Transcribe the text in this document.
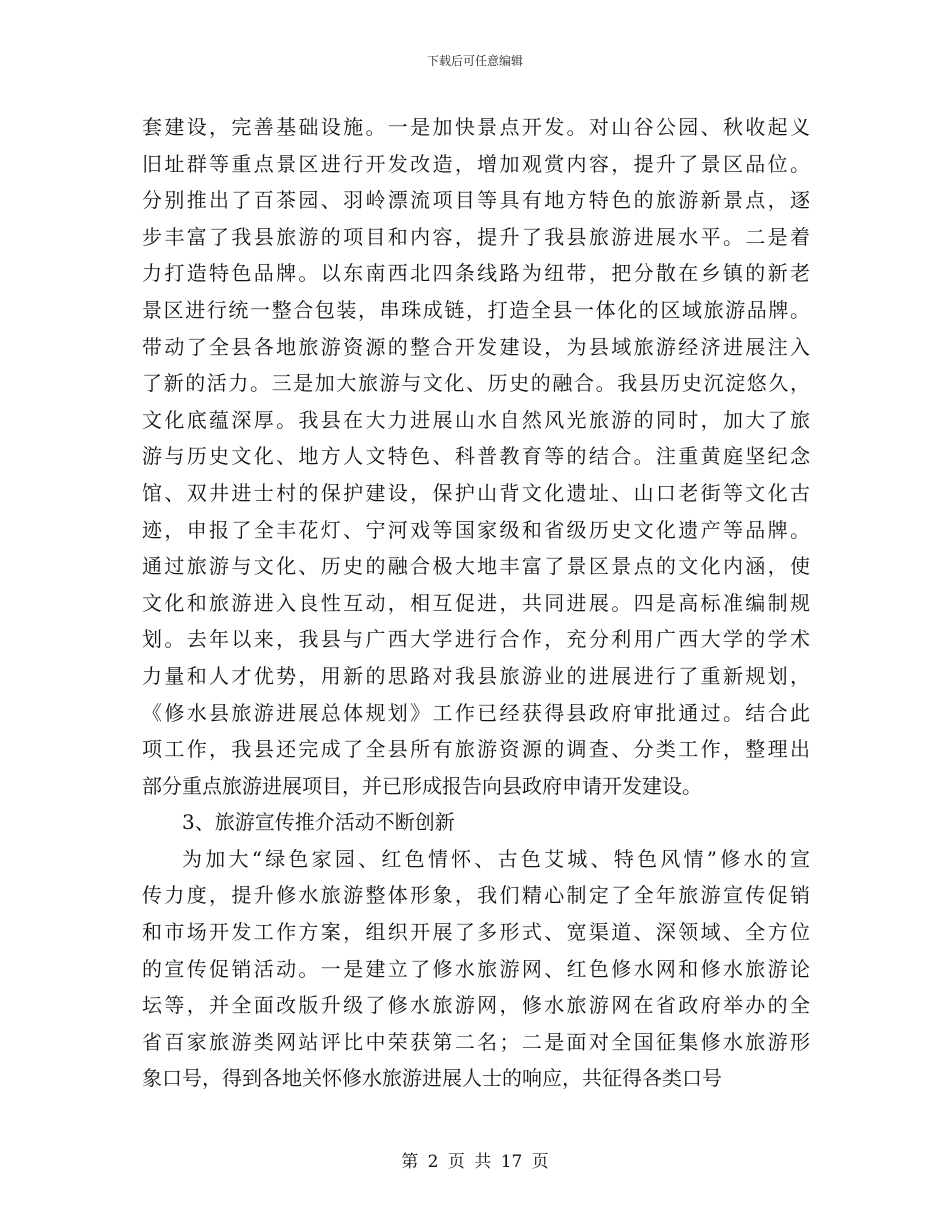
下载后可任意编辑
套建设，完善基础设施。一是加快景点开发。对山谷公园、秋收起义
旧址群等重点景区进行开发改造，增加观赏内容，提升了景区品位。
分别推出了百茶园、羽岭漂流项目等具有地方特色的旅游新景点，逐
步丰富了我县旅游的项目和内容，提升了我县旅游进展水平。二是着
力打造特色品牌。以东南西北四条线路为纽带，把分散在乡镇的新老
景区进行统一整合包装，串珠成链，打造全县一体化的区域旅游品牌。
带动了全县各地旅游资源的整合开发建设，为县域旅游经济进展注入
了新的活力。三是加大旅游与文化、历史的融合。我县历史沉淀悠久，
文化底蕴深厚。我县在大力进展山水自然风光旅游的同时，加大了旅
游与历史文化、地方人文特色、科普教育等的结合。注重黄庭坚纪念
馆、双井进士村的保护建设，保护山背文化遗址、山口老街等文化古
迹，申报了全丰花灯、宁河戏等国家级和省级历史文化遗产等品牌。
通过旅游与文化、历史的融合极大地丰富了景区景点的文化内涵，使
文化和旅游进入良性互动，相互促进，共同进展。四是高标准编制规
划。去年以来，我县与广西大学进行合作，充分利用广西大学的学术
力量和人才优势，用新的思路对我县旅游业的进展进行了重新规划，
《修水县旅游进展总体规划》工作已经获得县政府审批通过。结合此
项工作，我县还完成了全县所有旅游资源的调查、分类工作，整理出
部分重点旅游进展项目，并已形成报告向县政府申请开发建设。
3、旅游宣传推介活动不断创新
为加大“绿色家园、红色情怀、古色艾城、特色风情”修水的宣
传力度，提升修水旅游整体形象，我们精心制定了全年旅游宣传促销
和市场开发工作方案，组织开展了多形式、宽渠道、深领域、全方位
的宣传促销活动。一是建立了修水旅游网、红色修水网和修水旅游论
坛等，并全面改版升级了修水旅游网，修水旅游网在省政府举办的全
省百家旅游类网站评比中荣获第二名；二是面对全国征集修水旅游形
象口号，得到各地关怀修水旅游进展人士的响应，共征得各类口号
第 2 页 共 17 页
